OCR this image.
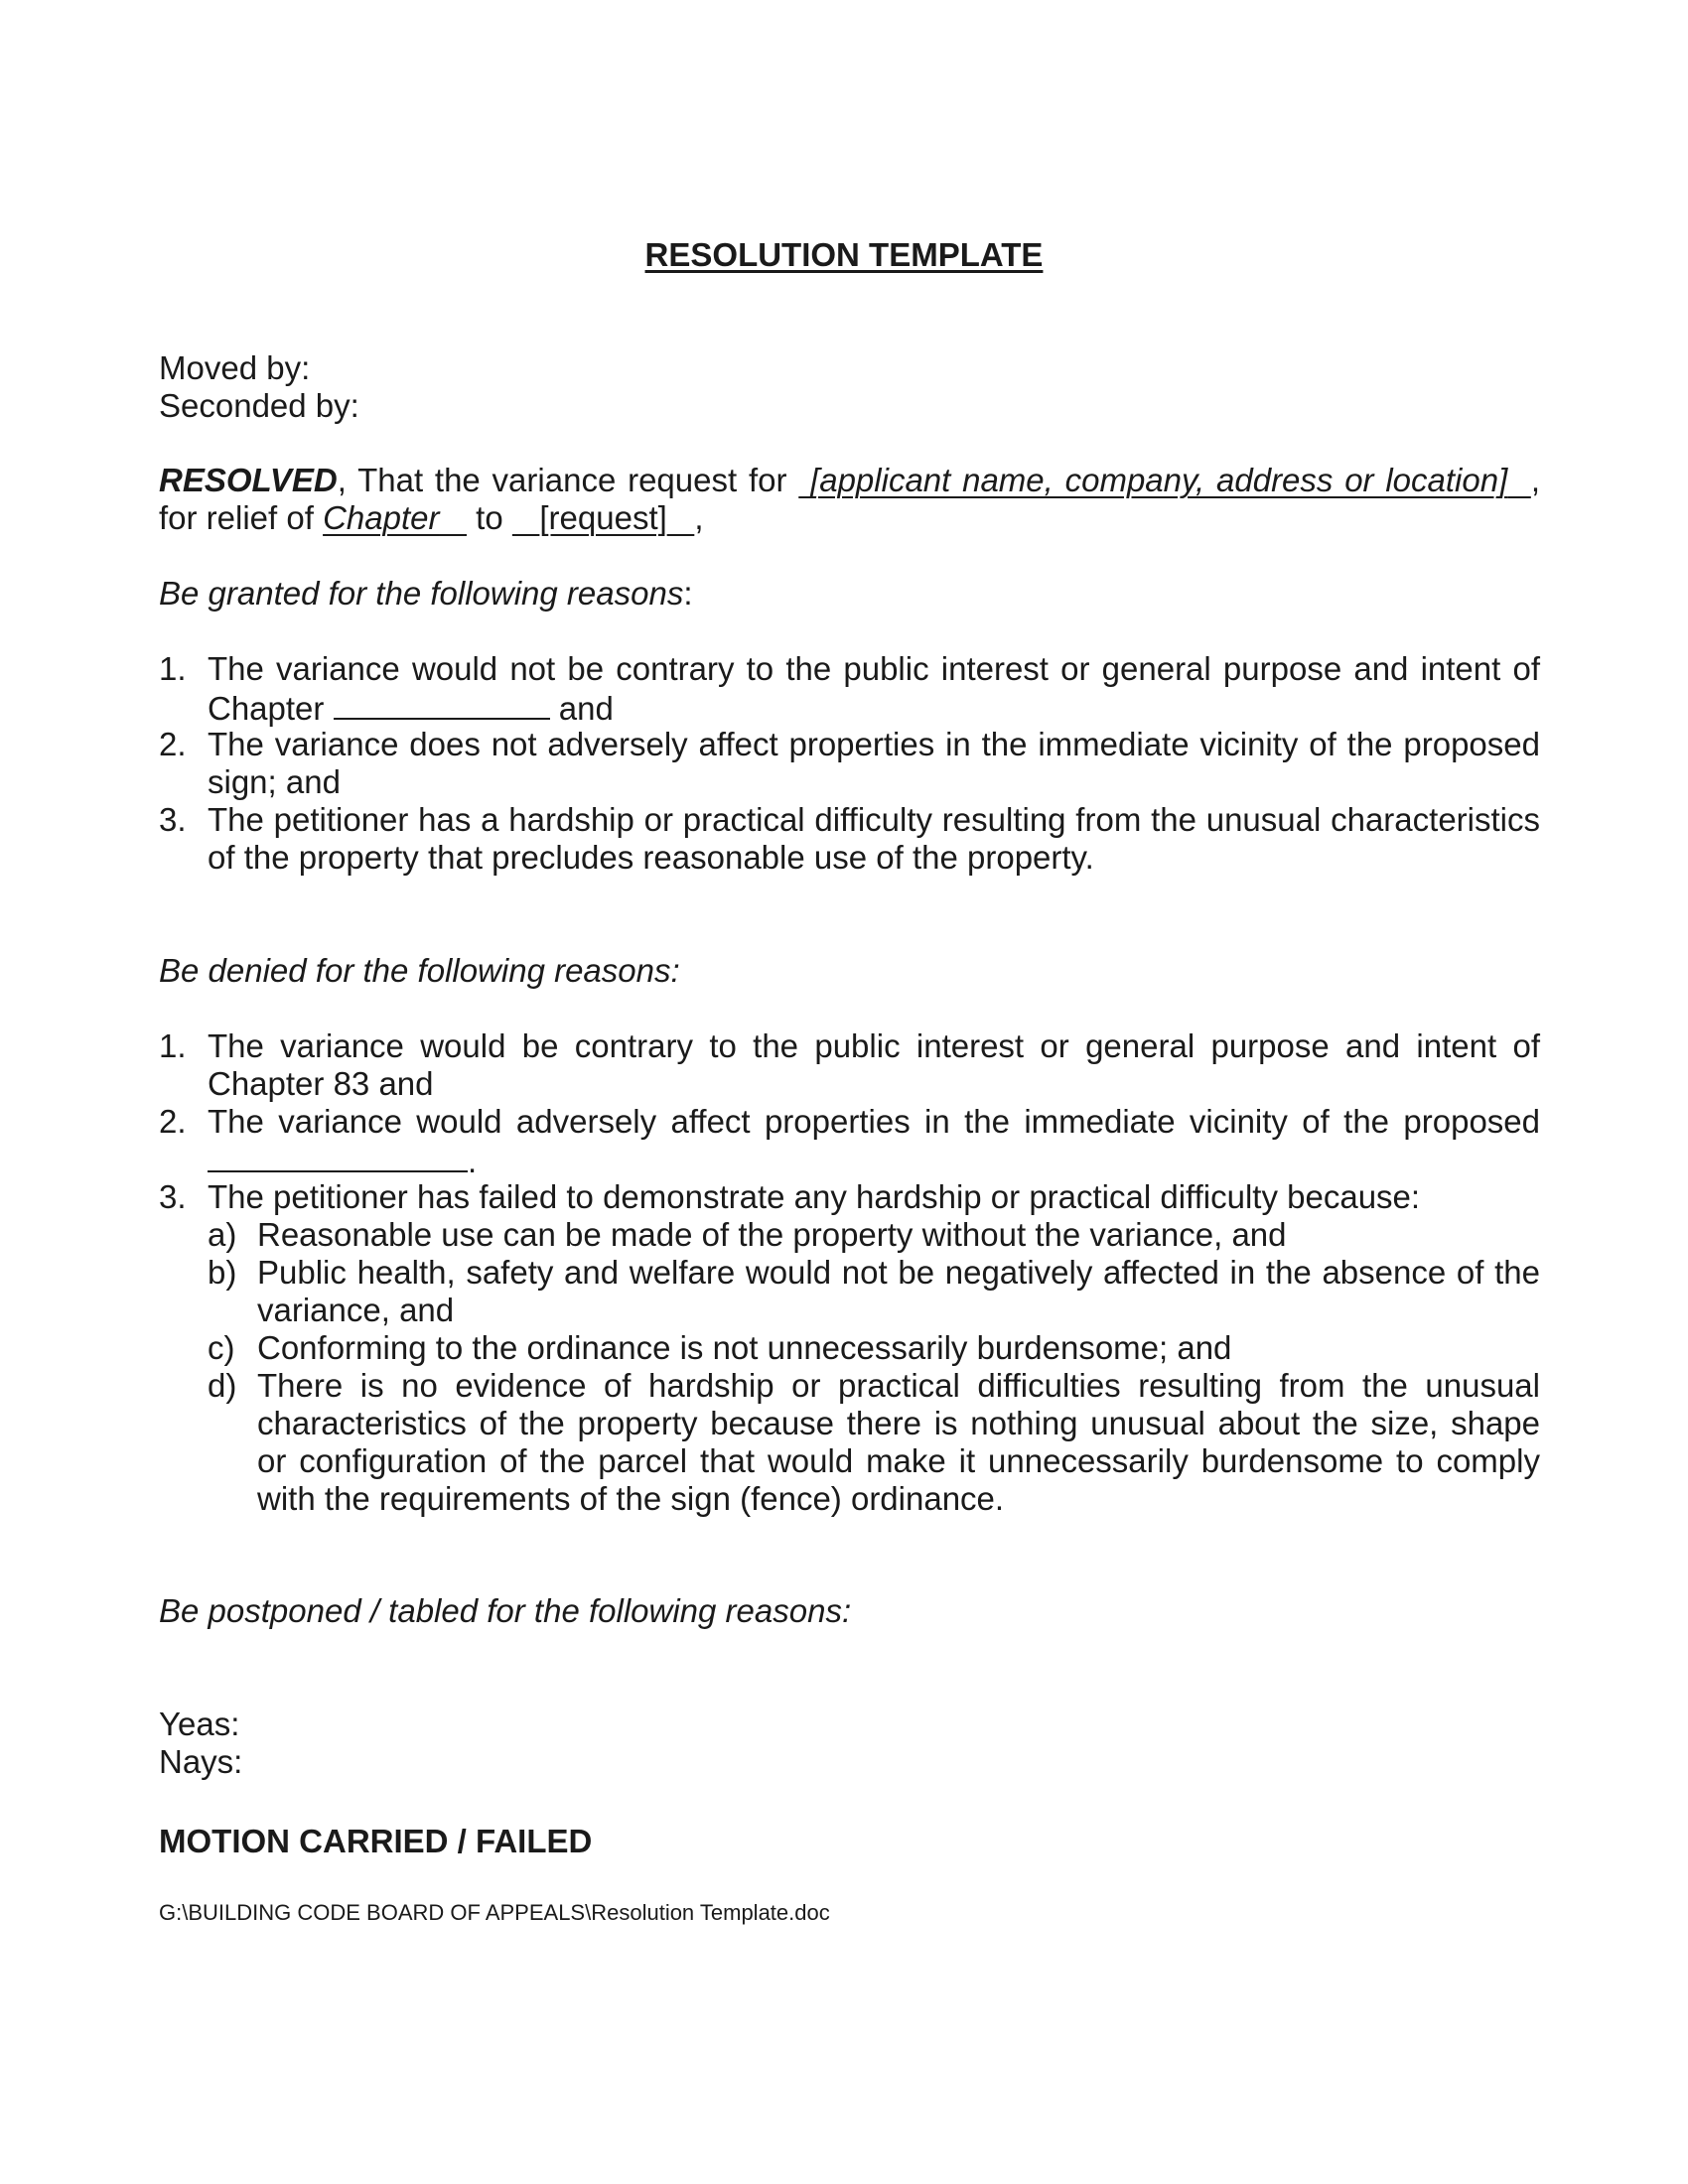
RESOLUTION TEMPLATE
Moved by:
Seconded by:
RESOLVED, That the variance request for  [applicant name, company, address or location] ,
for relief of Chapter    to    [request] ,
Be granted for the following reasons:
1. The variance would not be contrary to the public interest or general purpose and intent of
Chapter	and
2. The variance does not adversely affect properties in the immediate vicinity of the proposed
sign; and
3. The petitioner has a hardship or practical difficulty resulting from the unusual characteristics
of the property that precludes reasonable use of the property.
Be denied for the following reasons:
1. The variance would be contrary to the public interest or general purpose and intent of
Chapter 83 and
2. The variance would adversely affect properties in the immediate vicinity of the proposed
.
3. The petitioner has failed to demonstrate any hardship or practical difficulty because:
a) Reasonable use can be made of the property without the variance, and
b) Public health, safety and welfare would not be negatively affected in the absence of the
variance, and
c) Conforming to the ordinance is not unnecessarily burdensome; and
d) There is no evidence of hardship or practical difficulties resulting from the unusual
characteristics of the property because there is nothing unusual about the size, shape
or configuration of the parcel that would make it unnecessarily burdensome to comply
with the requirements of the sign (fence) ordinance.
Be postponed / tabled for the following reasons:
Yeas:
Nays:
MOTION CARRIED / FAILED
G:\BUILDING CODE BOARD OF APPEALS\Resolution Template.doc
